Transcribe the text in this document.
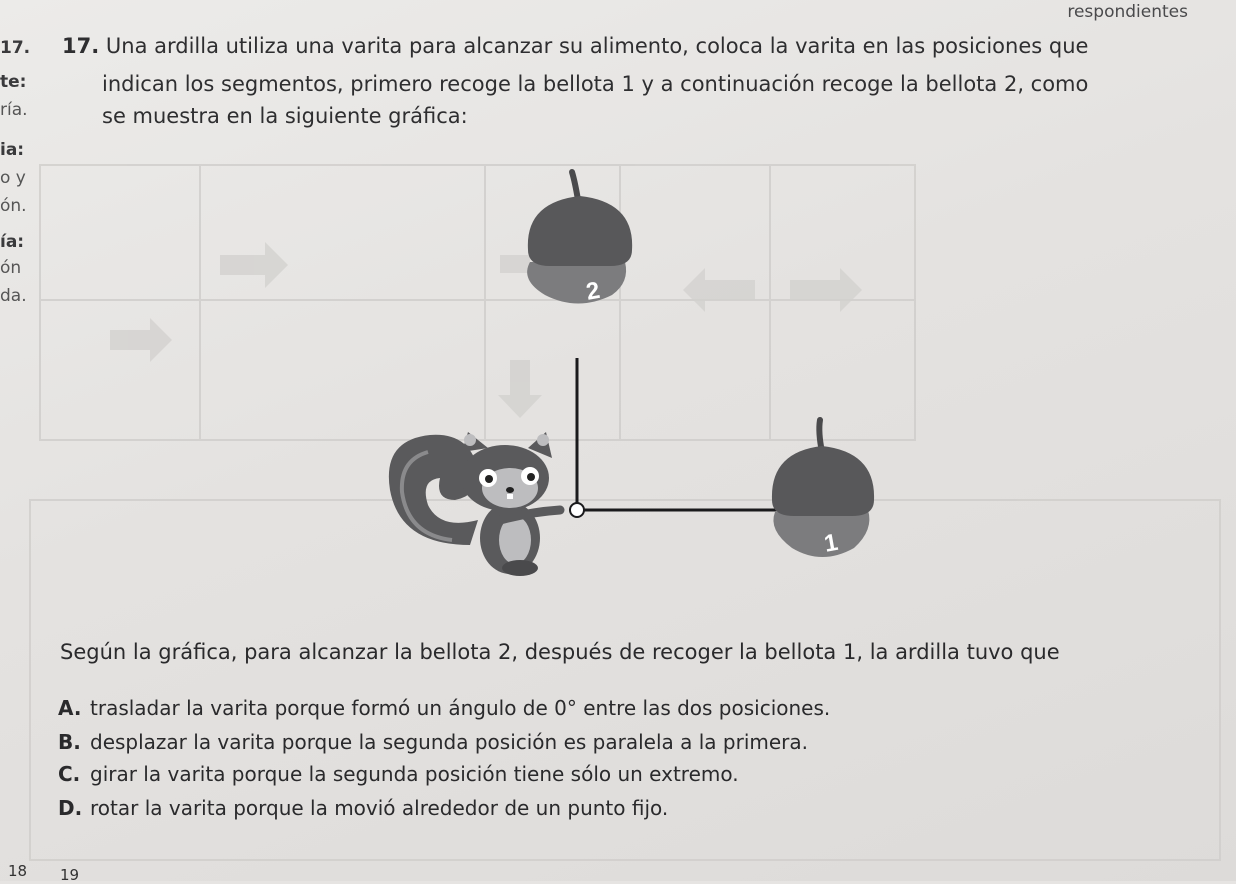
respondientes
17.
te:
ría.
ia:
o y
ón.
ía:
ón
da.
17. Una ardilla utiliza una varita para alcanzar su alimento, coloca la varita en las posiciones que
indican los segmentos, primero recoge la bellota 1 y a continuación recoge la bellota 2, como
se muestra en la siguiente gráfica:
2
1
Según la gráfica, para alcanzar la bellota 2, después de recoger la bellota 1, la ardilla tuvo que
A. trasladar la varita porque formó un ángulo de 0° entre las dos posiciones.
B. desplazar la varita porque la segunda posición es paralela a la primera.
C. girar la varita porque la segunda posición tiene sólo un extremo.
D. rotar la varita porque la movió alrededor de un punto fijo.
18 19
